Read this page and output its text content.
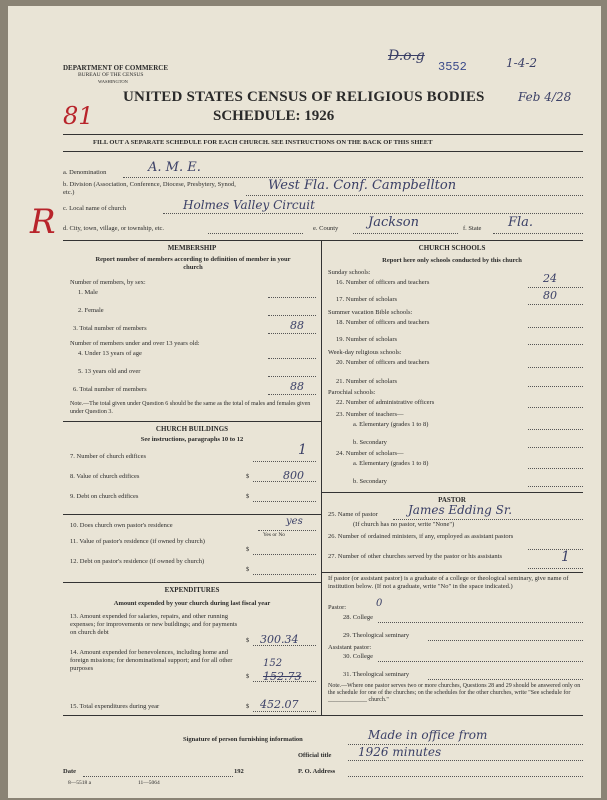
DEPARTMENT OF COMMERCE
BUREAU OF THE CENSUS
WASHINGTON
D.o.g
3552	1-4-2
Feb 4/28
UNITED STATES CENSUS OF RELIGIOUS BODIES
SCHEDULE: 1926
81
FILL OUT A SEPARATE SCHEDULE FOR EACH CHURCH. SEE INSTRUCTIONS ON THE BACK OF THIS SHEET
a. Denomination	A. M. E.
b. Division (Association, Conference, Diocese, Presbytery, Synod, etc.)	West Fla. Conf. Campbellton
c. Local name of church	Holmes Valley Circuit
R d. City, town, village, or township, etc.	e. County Jackson	f. State Fla.
MEMBERSHIP
Report number of members according to definition of member in your church
Number of members, by sex:
1. Male
2. Female
3. Total number of members	88
Number of members under and over 13 years old:
4. Under 13 years of age
5. 13 years old and over
6. Total number of members	88
Note.—The total given under Question 6 should be the same as the total of males and females given under Question 3.
CHURCH BUILDINGS
See instructions, paragraphs 10 to 12
7. Number of church edifices	1
8. Value of church edifices	$	800
9. Debt on church edifices	$
10. Does church own pastor's residence	yes
Yes or No
11. Value of pastor's residence (if owned by church)
$
12. Debt on pastor's residence (if owned by church)
$
EXPENDITURES
Amount expended by your church during last fiscal year
13. Amount expended for salaries, repairs, and other running expenses; for improvements or new buildings; and for payments on church debt
$ 300.34
14. Amount expended for benevolences, including home and foreign missions; for denominational support; and for all other purposes	152
$ 152.73
15. Total expenditures during year	$ 452.07
CHURCH SCHOOLS
Report here only schools conducted by this church
Sunday schools:
16. Number of officers and teachers	24
17. Number of scholars	80
Summer vacation Bible schools:
18. Number of officers and teachers
19. Number of scholars
Week-day religious schools:
20. Number of officers and teachers
21. Number of scholars
Parochial schools:
22. Number of administrative officers
23. Number of teachers—
a. Elementary (grades 1 to 8)
b. Secondary
24. Number of scholars—
a. Elementary (grades 1 to 8)
b. Secondary
PASTOR
25. Name of pastor	James Edding Sr.
(If church has no pastor, write "None")
26. Number of ordained ministers, if any, employed as assistant pastors
27. Number of other churches served by the pastor or his assistants	1
If pastor (or assistant pastor) is a graduate of a college or theological seminary, give name of institution below. (If not a graduate, write "No" in the space indicated.)
Pastor:	0
28. College
29. Theological seminary
Assistant pastor:
30. College
31. Theological seminary
Note.—Where one pastor serves two or more churches, Questions 28 and 29 should be answered only on the schedule for one of the churches; on the schedules for the other churches, write "See schedule for _____________ church."
Signature of person furnishing information	Made in office from
Official title 1926 minutes
Date	192	P. O. Address
8—5518 a	11—5064
